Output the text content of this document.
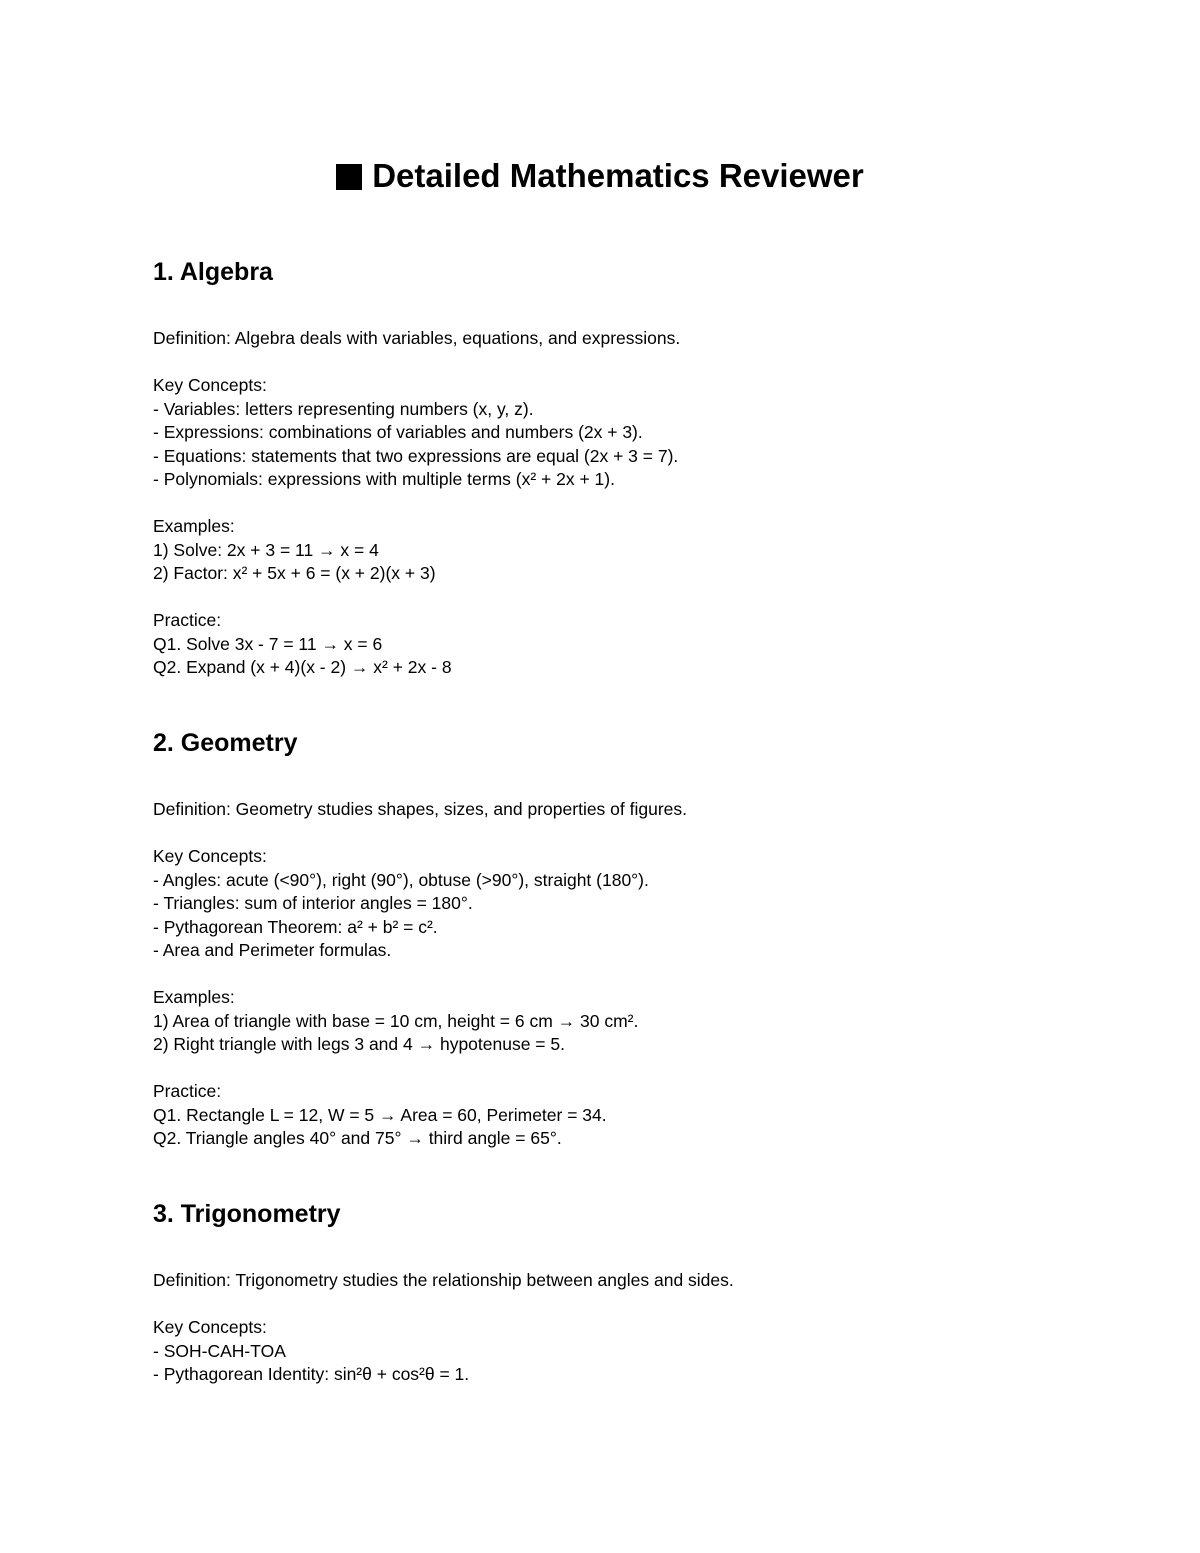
Detailed Mathematics Reviewer
1. Algebra
Definition: Algebra deals with variables, equations, and expressions.
Key Concepts:
- Variables: letters representing numbers (x, y, z).
- Expressions: combinations of variables and numbers (2x + 3).
- Equations: statements that two expressions are equal (2x + 3 = 7).
- Polynomials: expressions with multiple terms (x² + 2x + 1).
Examples:
1) Solve: 2x + 3 = 11 → x = 4
2) Factor: x² + 5x + 6 = (x + 2)(x + 3)
Practice:
Q1. Solve 3x - 7 = 11 → x = 6
Q2. Expand (x + 4)(x - 2) → x² + 2x - 8
2. Geometry
Definition: Geometry studies shapes, sizes, and properties of figures.
Key Concepts:
- Angles: acute (<90°), right (90°), obtuse (>90°), straight (180°).
- Triangles: sum of interior angles = 180°.
- Pythagorean Theorem: a² + b² = c².
- Area and Perimeter formulas.
Examples:
1) Area of triangle with base = 10 cm, height = 6 cm → 30 cm².
2) Right triangle with legs 3 and 4 → hypotenuse = 5.
Practice:
Q1. Rectangle L = 12, W = 5 → Area = 60, Perimeter = 34.
Q2. Triangle angles 40° and 75° → third angle = 65°.
3. Trigonometry
Definition: Trigonometry studies the relationship between angles and sides.
Key Concepts:
- SOH-CAH-TOA
- Pythagorean Identity: sin²θ + cos²θ = 1.
